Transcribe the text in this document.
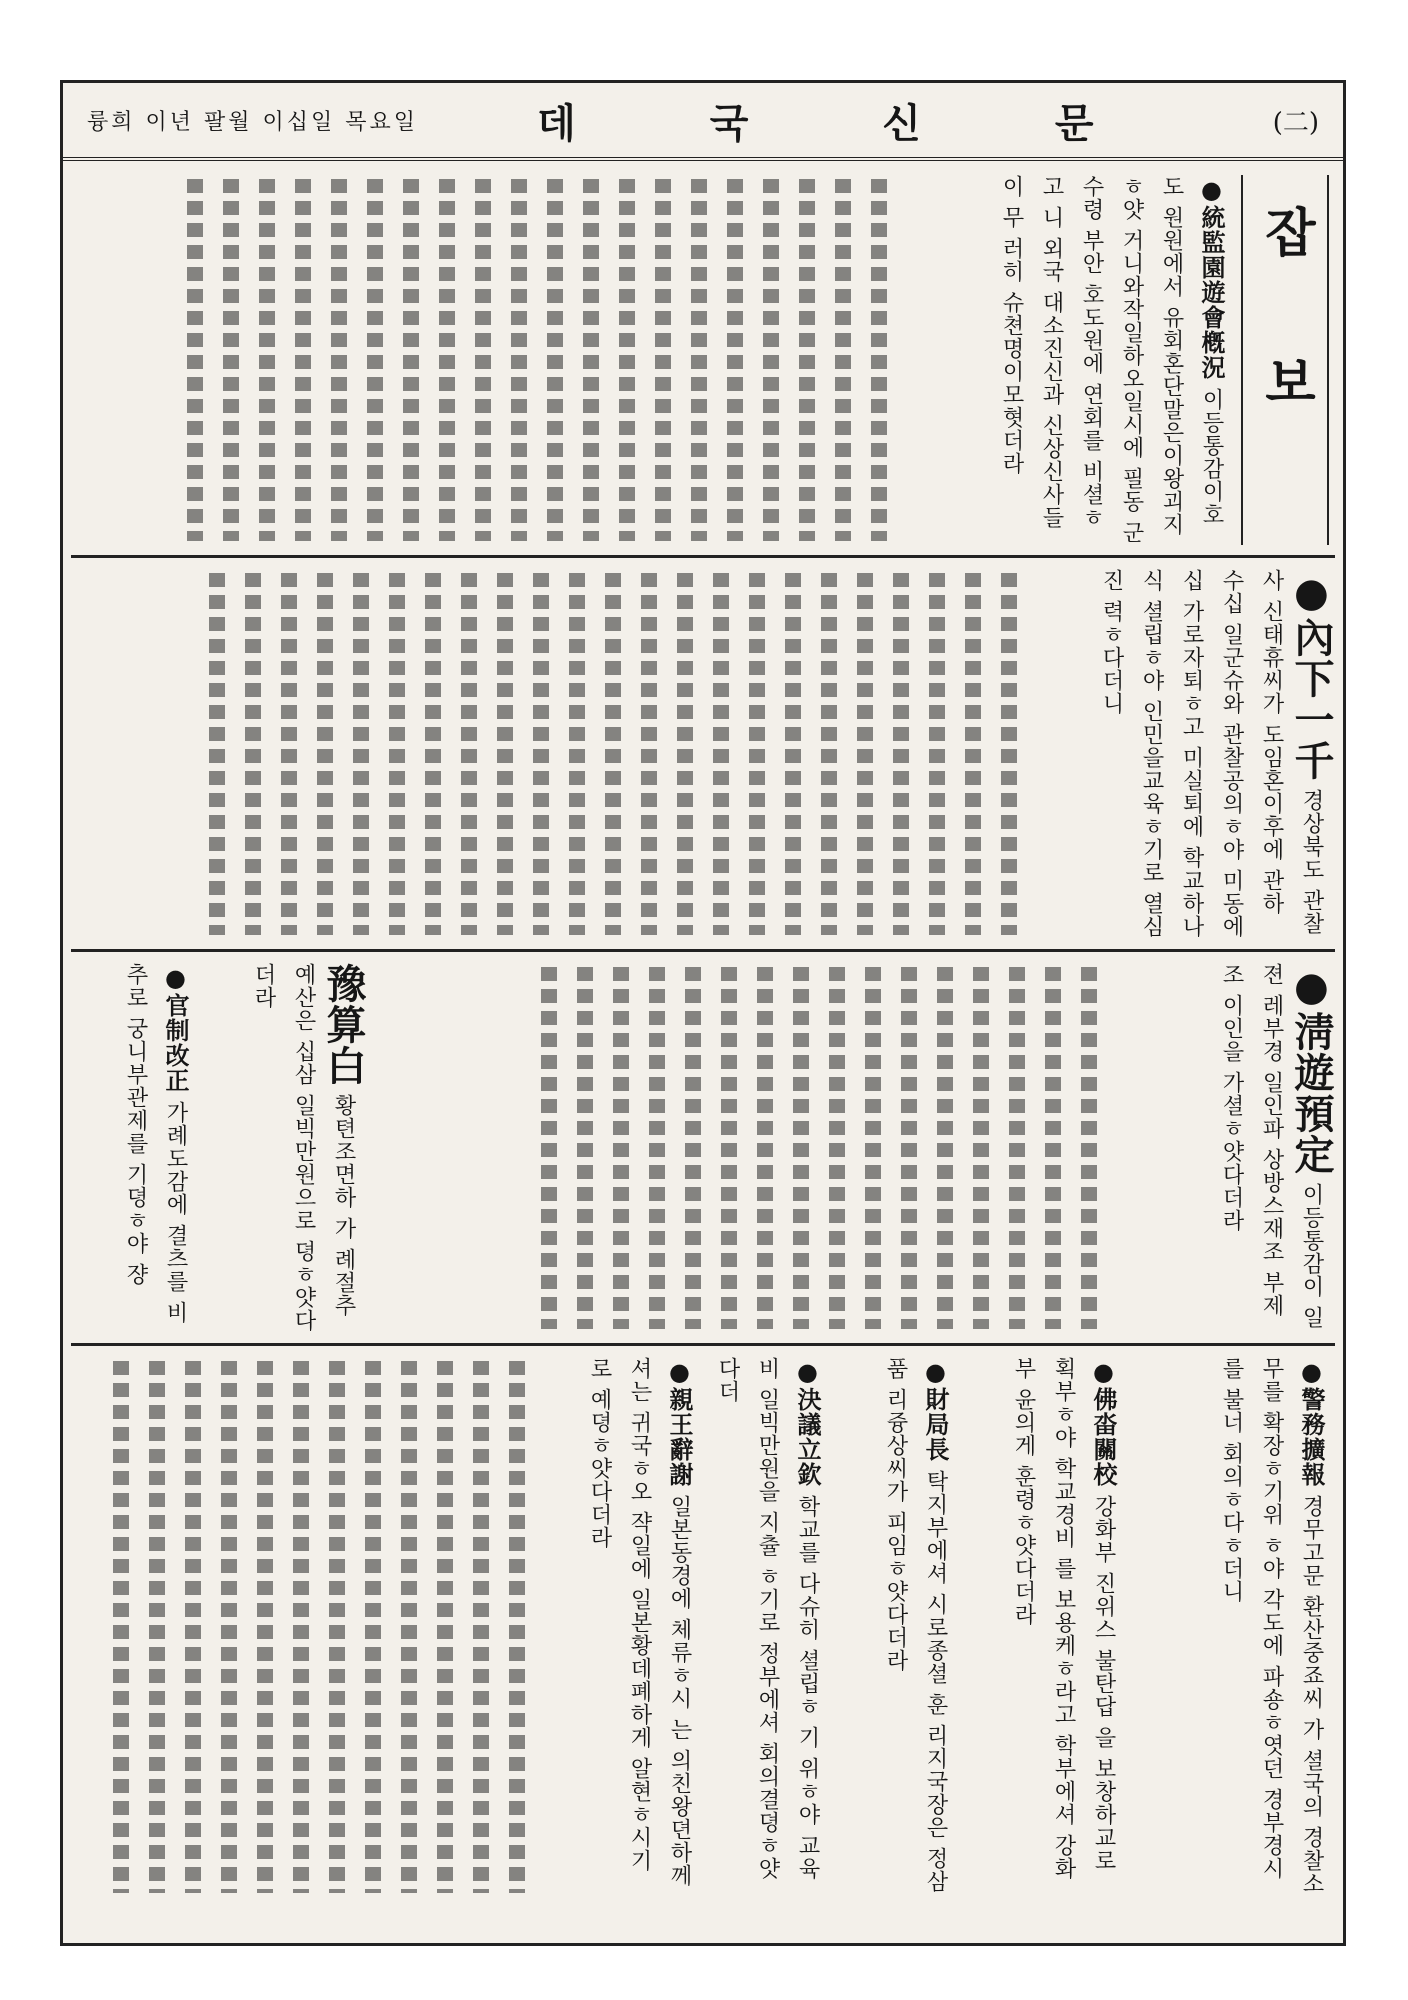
륭희 이년 팔월 이십일 목요일	데 국 신 문	(二)
잡 보
●統監園遊會槪況 이등통감이호도 원원에서 유회혼단말은이왕괴지ㅎ얏 거니와작일하오일시에 필동 군수령 부안 호도원에 연회를 비셜ㅎ고 니 외국 대소진신과 신상신사들이 무 러히 슈쳔명이모혓더라
●內下一千 경상북도 관찰사 신태휴씨가 도임혼이후에 관하 수십 일군슈와 관찰공의ㅎ야 미동에 십 가로자퇴ㅎ고 미실퇴에 학교하나식 셜립ㅎ야 인민을교육ㅎ기로 열심진 력ㅎ다더니
●淸遊預定 이등통감이 일젼 레부경 일인파 상방스재조 부제조 이인을 가셜ㅎ얏다더라
豫算白 황텬조면하 가 례절추 예산은 십삼 일빅만원으로 뎡ㅎ얏다더라
●官制改正 가례도감에 결츠를 비추로 궁니부관제를 기뎡ㅎ야 쟝
●警務擴報 경무고문 환산중죠씨 가 셜국의 경찰소무를 확장ㅎ기위 ㅎ야 각도에 파숑ㅎ엿던 경부경시 를 불너 회의ㅎ다ㅎ더니
●佛畓關校 강화부 진위스 불탄답 을 보창하교로 획부ㅎ야 학교경비 를 보용케ㅎ라고 학부에셔 강화부 윤의게 훈령ㅎ얏다더라
●財局長 탁지부에셔 시로종셜 훈 리지국장은 정삼품 리즁상씨가 피임ㅎ얏다더라
●決議立欽 학교를 다슈히 셜립ㅎ 기 위ㅎ야 교육비 일빅만원을 지츌 ㅎ기로 정부에셔 회의결뎡ㅎ얏다더
●親王辭謝 일본동경에 체류ㅎ시 는 의친왕뎐하께셔는 귀국ㅎ오 쟉일에 일본황데폐하게 알현ㅎ시기 로 예뎡ㅎ얏다더라
